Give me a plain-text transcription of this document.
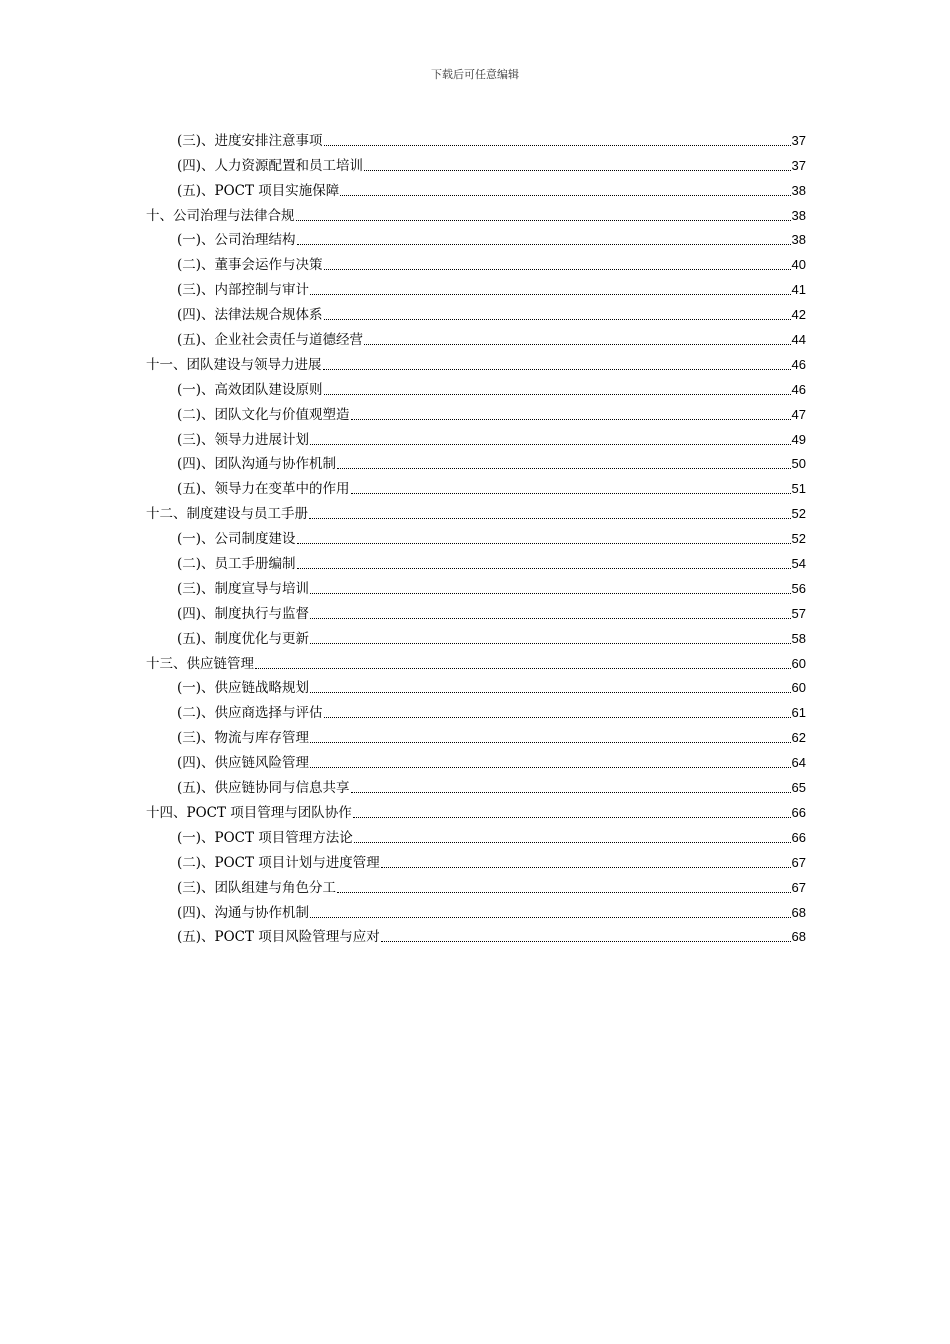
下载后可任意编辑
(三)、进度安排注意事项	37
(四)、人力资源配置和员工培训	37
(五)、POCT 项目实施保障	38
十、公司治理与法律合规	38
(一)、公司治理结构	38
(二)、董事会运作与决策	40
(三)、内部控制与审计	41
(四)、法律法规合规体系	42
(五)、企业社会责任与道德经营	44
十一、团队建设与领导力进展	46
(一)、高效团队建设原则	46
(二)、团队文化与价值观塑造	47
(三)、领导力进展计划	49
(四)、团队沟通与协作机制	50
(五)、领导力在变革中的作用	51
十二、制度建设与员工手册	52
(一)、公司制度建设	52
(二)、员工手册编制	54
(三)、制度宣导与培训	56
(四)、制度执行与监督	57
(五)、制度优化与更新	58
十三、供应链管理	60
(一)、供应链战略规划	60
(二)、供应商选择与评估	61
(三)、物流与库存管理	62
(四)、供应链风险管理	64
(五)、供应链协同与信息共享	65
十四、POCT 项目管理与团队协作	66
(一)、POCT 项目管理方法论	66
(二)、POCT 项目计划与进度管理	67
(三)、团队组建与角色分工	67
(四)、沟通与协作机制	68
(五)、POCT 项目风险管理与应对	68
